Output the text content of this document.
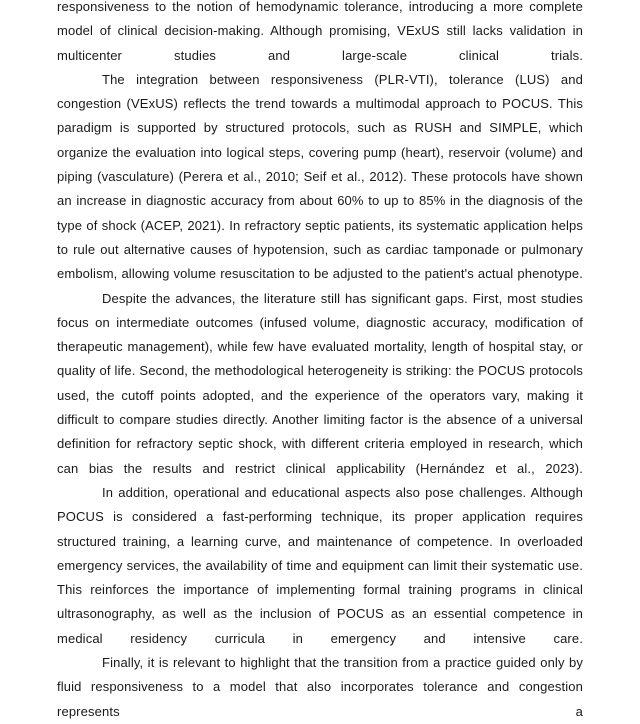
responsiveness to the notion of hemodynamic tolerance, introducing a more complete model of clinical decision-making. Although promising, VExUS still lacks validation in multicenter studies and large-scale clinical trials.

The integration between responsiveness (PLR-VTI), tolerance (LUS) and congestion (VExUS) reflects the trend towards a multimodal approach to POCUS. This paradigm is supported by structured protocols, such as RUSH and SIMPLE, which organize the evaluation into logical steps, covering pump (heart), reservoir (volume) and piping (vasculature) (Perera et al., 2010; Seif et al., 2012). These protocols have shown an increase in diagnostic accuracy from about 60% to up to 85% in the diagnosis of the type of shock (ACEP, 2021). In refractory septic patients, its systematic application helps to rule out alternative causes of hypotension, such as cardiac tamponade or pulmonary embolism, allowing volume resuscitation to be adjusted to the patient's actual phenotype.

Despite the advances, the literature still has significant gaps. First, most studies focus on intermediate outcomes (infused volume, diagnostic accuracy, modification of therapeutic management), while few have evaluated mortality, length of hospital stay, or quality of life. Second, the methodological heterogeneity is striking: the POCUS protocols used, the cutoff points adopted, and the experience of the operators vary, making it difficult to compare studies directly. Another limiting factor is the absence of a universal definition for refractory septic shock, with different criteria employed in research, which can bias the results and restrict clinical applicability (Hernández et al., 2023).

In addition, operational and educational aspects also pose challenges. Although POCUS is considered a fast-performing technique, its proper application requires structured training, a learning curve, and maintenance of competence. In overloaded emergency services, the availability of time and equipment can limit their systematic use. This reinforces the importance of implementing formal training programs in clinical ultrasonography, as well as the inclusion of POCUS as an essential competence in medical residency curricula in emergency and intensive care.

Finally, it is relevant to highlight that the transition from a practice guided only by fluid responsiveness to a model that also incorporates tolerance and congestion represents a
